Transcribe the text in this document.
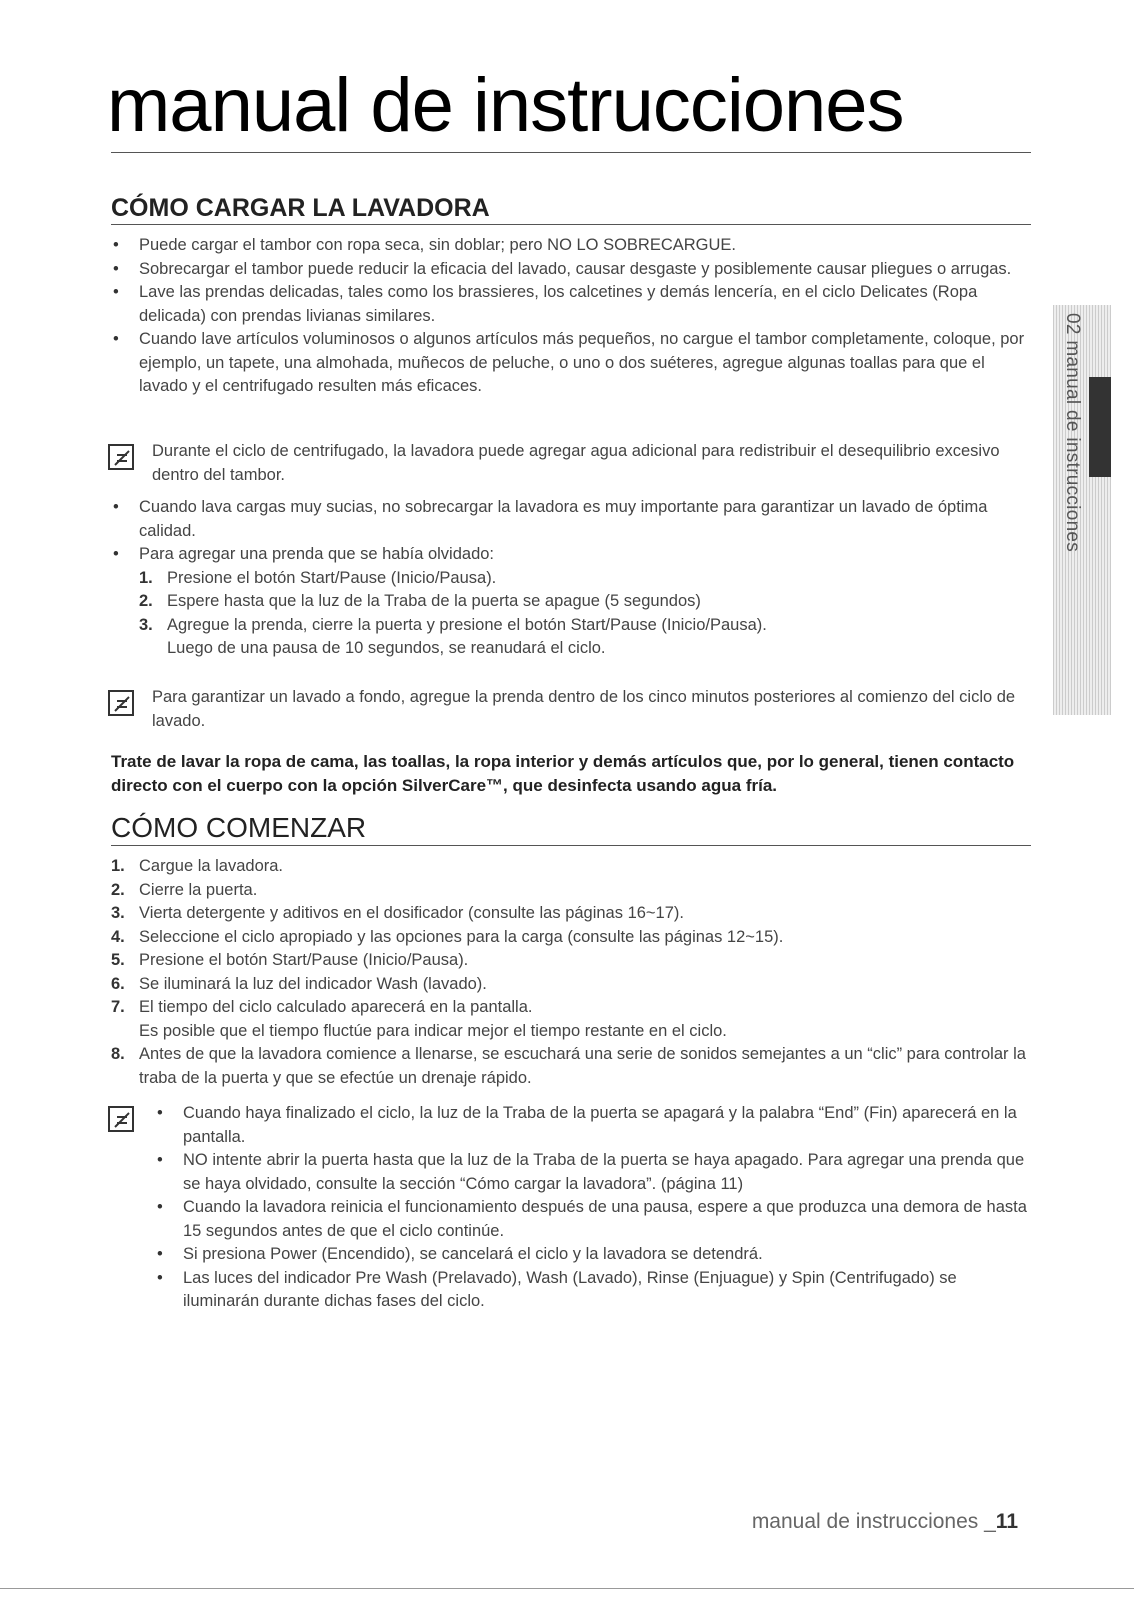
manual de instrucciones
02 manual de instrucciones
CÓMO CARGAR LA LAVADORA
• Puede cargar el tambor con ropa seca, sin doblar; pero NO LO SOBRECARGUE.
• Sobrecargar el tambor puede reducir la eficacia del lavado, causar desgaste y posiblemente causar pliegues o arrugas.
• Lave las prendas delicadas, tales como los brassieres, los calcetines y demás lencería, en el ciclo Delicates (Ropa delicada) con prendas livianas similares.
• Cuando lave artículos voluminosos o algunos artículos más pequeños, no cargue el tambor completamente, coloque, por ejemplo, un tapete, una almohada, muñecos de peluche, o uno o dos suéteres, agregue algunas toallas para que el lavado y el centrifugado resulten más eficaces.
Durante el ciclo de centrifugado, la lavadora puede agregar agua adicional para redistribuir el desequilibrio excesivo dentro del tambor.
• Cuando lava cargas muy sucias, no sobrecargar la lavadora es muy importante para garantizar un lavado de óptima calidad.
• Para agregar una prenda que se había olvidado:
1. Presione el botón Start/Pause (Inicio/Pausa).
2. Espere hasta que la luz de la Traba de la puerta se apague (5 segundos)
3. Agregue la prenda, cierre la puerta y presione el botón Start/Pause (Inicio/Pausa).
Luego de una pausa de 10 segundos, se reanudará el ciclo.
Para garantizar un lavado a fondo, agregue la prenda dentro de los cinco minutos posteriores al comienzo del ciclo de lavado.
Trate de lavar la ropa de cama, las toallas, la ropa interior y demás artículos que, por lo general, tienen contacto directo con el cuerpo con la opción SilverCare™, que desinfecta usando agua fría.
CÓMO COMENZAR
1. Cargue la lavadora.
2. Cierre la puerta.
3. Vierta detergente y aditivos en el dosificador (consulte las páginas 16~17).
4. Seleccione el ciclo apropiado y las opciones para la carga (consulte las páginas 12~15).
5. Presione el botón Start/Pause (Inicio/Pausa).
6. Se iluminará la luz del indicador Wash (lavado).
7. El tiempo del ciclo calculado aparecerá en la pantalla.
Es posible que el tiempo fluctúe para indicar mejor el tiempo restante en el ciclo.
8. Antes de que la lavadora comience a llenarse, se escuchará una serie de sonidos semejantes a un “clic” para controlar la traba de la puerta y que se efectúe un drenaje rápido.
• Cuando haya finalizado el ciclo, la luz de la Traba de la puerta se apagará y la palabra “End” (Fin) aparecerá en la pantalla.
• NO intente abrir la puerta hasta que la luz de la Traba de la puerta se haya apagado. Para agregar una prenda que se haya olvidado, consulte la sección “Cómo cargar la lavadora”. (página 11)
• Cuando la lavadora reinicia el funcionamiento después de una pausa, espere a que produzca una demora de hasta 15 segundos antes de que el ciclo continúe.
• Si presiona Power (Encendido), se cancelará el ciclo y la lavadora se detendrá.
• Las luces del indicador Pre Wash (Prelavado), Wash (Lavado), Rinse (Enjuague) y Spin (Centrifugado) se iluminarán durante dichas fases del ciclo.
manual de instrucciones _11
